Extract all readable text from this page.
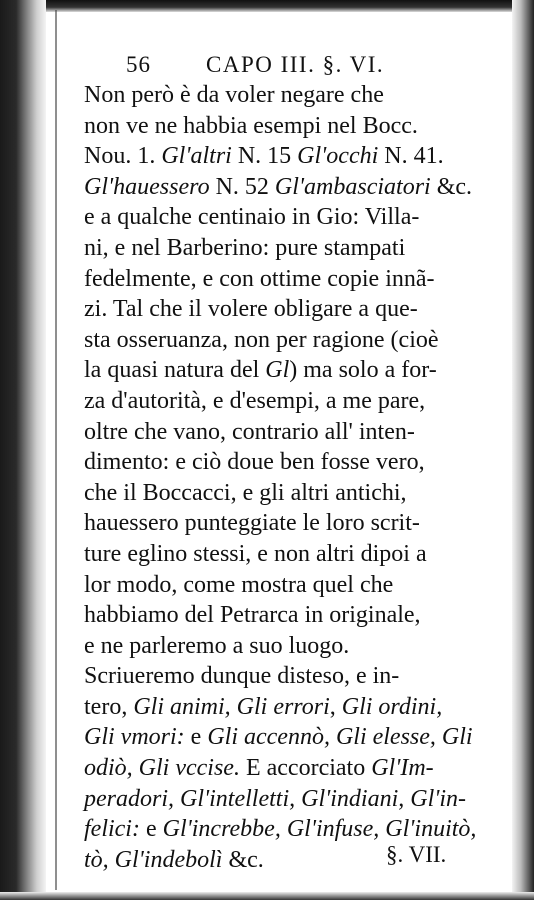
56 CAPO III. §. VI.
Non però è da voler negare che
non ve ne habbia esempi nel Bocc.
Nou. 1. Gl'altri N. 15 Gl'occhi N. 41.
Gl'hauessero N. 52 Gl'ambasciatori &c.
e a qualche centinaio in Gio: Villa-
ni, e nel Barberino: pure stampati
fedelmente, e con ottime copie innã-
zi. Tal che il volere obligare a que-
sta osseruanza, non per ragione (cioè
la quasi natura del Gl) ma solo a for-
za d'autorità, e d'esempi, a me pare,
oltre che vano, contrario all' inten-
dimento: e ciò doue ben fosse vero,
che il Boccacci, e gli altri antichi,
hauessero punteggiate le loro scrit-
ture eglino stessi, e non altri dipoi a
lor modo, come mostra quel che
habbiamo del Petrarca in originale,
e ne parleremo a suo luogo.
Scriueremo dunque distesо, e in-
tero, Gli animi, Gli errori, Gli ordini,
Gli vmori: e Gli accennò, Gli elesse, Gli
odiò, Gli vccise. E accorciato Gl'Im-
peradori, Gl'intelletti, Gl'indiani, Gl'in-
felici: e Gl'increbbe, Gl'infuse, Gl'inuitò,
tò, Gl'indebolì &c.	§. VII.
